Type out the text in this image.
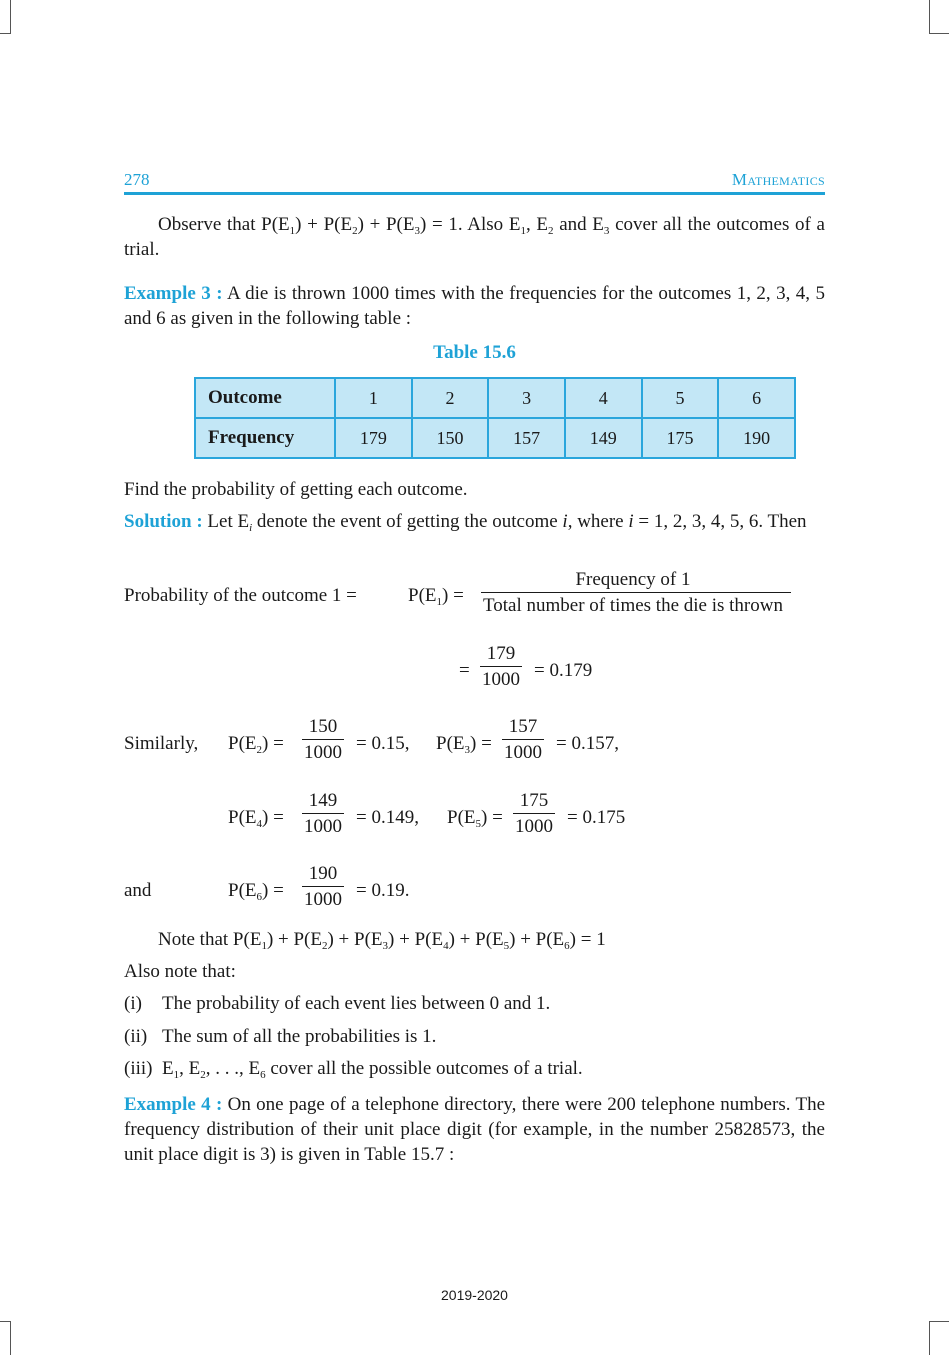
278	Mathematics
Observe that $P(E_1) + P(E_2) + P(E_3) = 1$. Also $E_1$, $E_2$ and $E_3$ cover all the outcomes of a trial.
Example 3 : A die is thrown 1000 times with the frequencies for the outcomes 1, 2, 3, 4, 5 and 6 as given in the following table :
Table 15.6
Outcome	1	2	3	4	5	6
Frequency	179	150	157	149	175	190
Find the probability of getting each outcome.
Solution : Let $E_i$ denote the event of getting the outcome i, where i = 1, 2, 3, 4, 5, 6. Then
Probability of the outcome 1 =	$P(E_1)$ =
Frequency of 1
Total number of times the die is thrown
=
179
1000 = 0.179
Similarly, $P(E_2)$ =
150
1000 = 0.15, $P(E_3)$ =
157
1000 = 0.157,
$P(E_4)$ =
149
1000 = 0.149, $P(E_5)$ =
175
1000 = 0.175
and	$P(E_6)$ =
190
1000 = 0.19.
Note that $P(E_1) + P(E_2) + P(E_3) + P(E_4) + P(E_5) + P(E_6) = 1$
Also note that:
(i) The probability of each event lies between 0 and 1.
(ii) The sum of all the probabilities is 1.
(iii) $E_1$, $E_2$, . . ., $E_6$ cover all the possible outcomes of a trial.
Example 4 : On one page of a telephone directory, there were 200 telephone numbers. The frequency distribution of their unit place digit (for example, in the number 25828573, the unit place digit is 3) is given in Table 15.7 :
2019-2020
